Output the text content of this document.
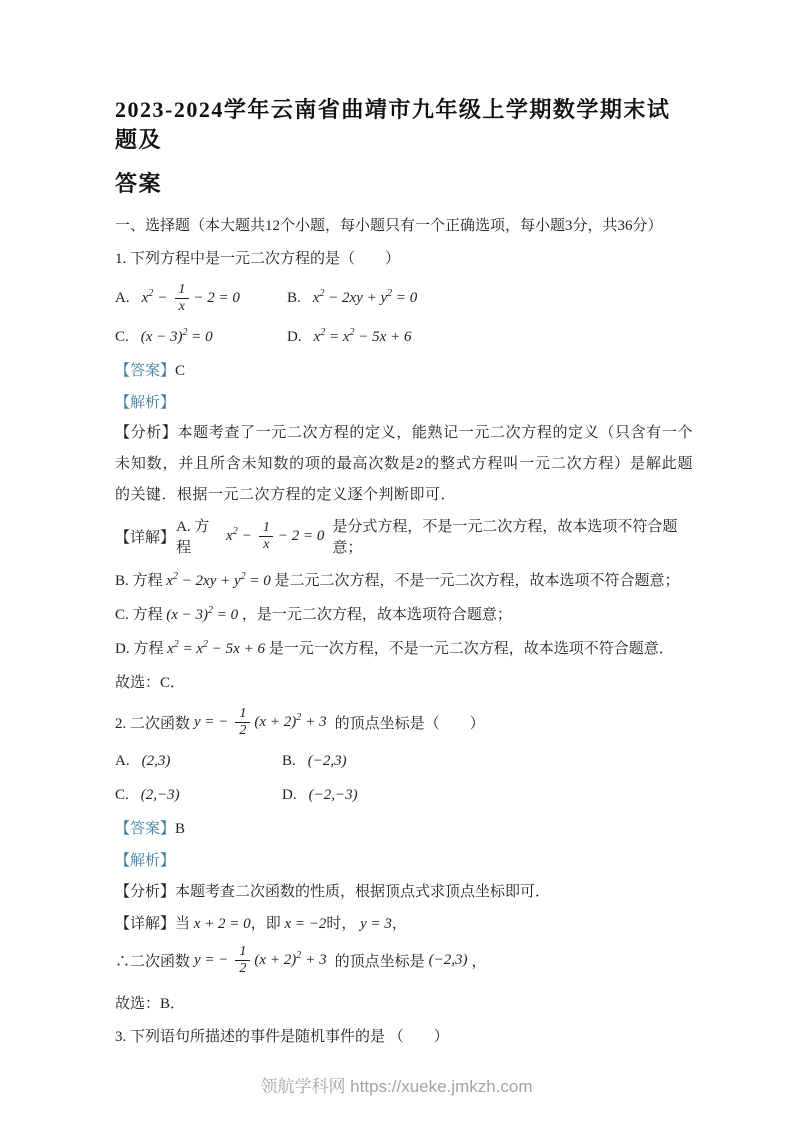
2023-2024学年云南省曲靖市九年级上学期数学期末试题及
答案
一、选择题（本大题共12个小题，每小题只有一个正确选项，每小题3分，共36分）
1. 下列方程中是一元二次方程的是（　　）
A. $x^2 - \frac{1}{x} - 2 = 0$	B. $x^2 - 2xy + y^2 = 0$
C. $(x - 3)^2 = 0$	D. $x^2 = x^2 - 5x + 6$
【答案】C
【解析】
【分析】本题考查了一元二次方程的定义，能熟记一元二次方程的定义（只含有一个未知数，并且所含未知数的项的最高次数是2的整式方程叫一元二次方程）是解此题的关键．根据一元二次方程的定义逐个判断即可．
【详解】
A. 方程
$x^2 - \frac{1}{x} - 2 = 0$
是分式方程，不是一元二次方程，故本选项不符合题意；
B. 方程 $x^2 - 2xy + y^2 = 0$ 是二元二次方程，不是一元二次方程，故本选项不符合题意；
C. 方程 $(x - 3)^2 = 0$ ，是一元二次方程，故本选项符合题意；
D. 方程 $x^2 = x^2 - 5x + 6$ 是一元一次方程，不是一元二次方程，故本选项不符合题意．
故选：C．
2. 二次函数 y = − $\frac{1}{2} (x + 2)^2 + 3$ 的顶点坐标是（　　）
A. (2,3)	B. (−2,3)
C. (2,−3)	D. (−2,−3)
【答案】B
【解析】
【分析】本题考查二次函数的性质，根据顶点式求顶点坐标即可．
【详解】当 x + 2 = 0，即 x = −2时， y = 3，
∴二次函数 y = − $\frac{1}{2} (x + 2)^2 + 3$ 的顶点坐标是 (−2,3) ，
故选：B．
3. 下列语句所描述的事件是随机事件的是 （　　）
领航学科网 https://xueke.jmkzh.com
